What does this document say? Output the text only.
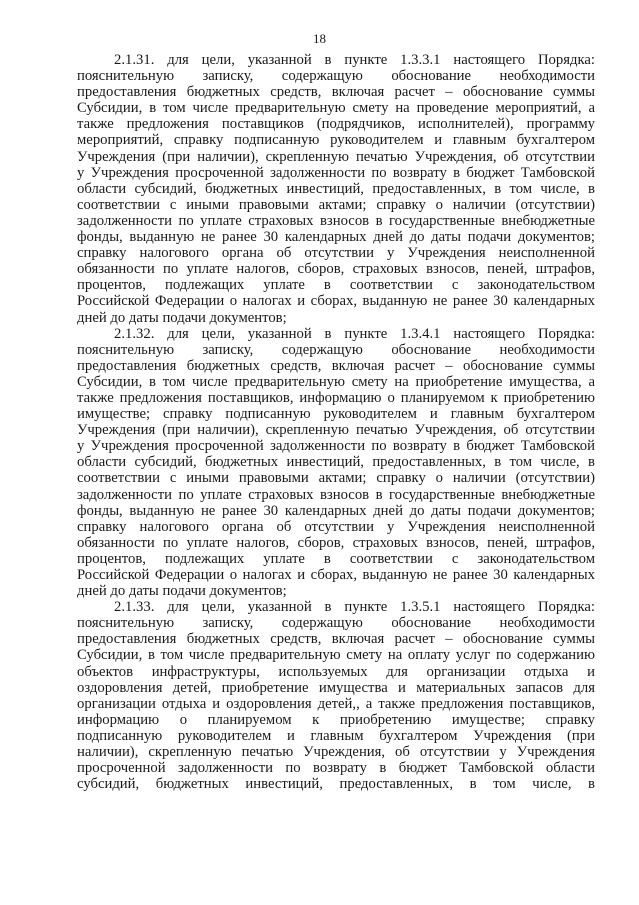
18
2.1.31. для цели, указанной в пункте 1.3.3.1 настоящего Порядка:
пояснительную записку, содержащую обоснование необходимости
предоставления бюджетных средств, включая расчет – обоснование суммы
Субсидии, в том числе предварительную смету на проведение мероприятий, а
также предложения поставщиков (подрядчиков, исполнителей), программу
мероприятий, справку подписанную руководителем и главным бухгалтером
Учреждения (при наличии), скрепленную печатью Учреждения, об отсутствии
у Учреждения просроченной задолженности по возврату в бюджет Тамбовской
области субсидий, бюджетных инвестиций, предоставленных, в том числе, в
соответствии с иными правовыми актами; справку о наличии (отсутствии)
задолженности по уплате страховых взносов в государственные внебюджетные
фонды, выданную не ранее 30 календарных дней до даты подачи документов;
справку налогового органа об отсутствии у Учреждения неисполненной
обязанности по уплате налогов, сборов, страховых взносов, пеней, штрафов,
процентов, подлежащих уплате в соответствии с законодательством
Российской Федерации о налогах и сборах, выданную не ранее 30 календарных
дней до даты подачи документов;
2.1.32. для цели, указанной в пункте 1.3.4.1 настоящего Порядка:
пояснительную записку, содержащую обоснование необходимости
предоставления бюджетных средств, включая расчет – обоснование суммы
Субсидии, в том числе предварительную смету на приобретение имущества, а
также предложения поставщиков, информацию о планируемом к приобретению
имуществе; справку подписанную руководителем и главным бухгалтером
Учреждения (при наличии), скрепленную печатью Учреждения, об отсутствии
у Учреждения просроченной задолженности по возврату в бюджет Тамбовской
области субсидий, бюджетных инвестиций, предоставленных, в том числе, в
соответствии с иными правовыми актами; справку о наличии (отсутствии)
задолженности по уплате страховых взносов в государственные внебюджетные
фонды, выданную не ранее 30 календарных дней до даты подачи документов;
справку налогового органа об отсутствии у Учреждения неисполненной
обязанности по уплате налогов, сборов, страховых взносов, пеней, штрафов,
процентов, подлежащих уплате в соответствии с законодательством
Российской Федерации о налогах и сборах, выданную не ранее 30 календарных
дней до даты подачи документов;
2.1.33. для цели, указанной в пункте 1.3.5.1 настоящего Порядка:
пояснительную записку, содержащую обоснование необходимости
предоставления бюджетных средств, включая расчет – обоснование суммы
Субсидии, в том числе предварительную смету на оплату услуг по содержанию
объектов инфраструктуры, используемых для организации отдыха и
оздоровления детей, приобретение имущества и материальных запасов для
организации отдыха и оздоровления детей,, а также предложения поставщиков,
информацию о планируемом к приобретению имуществе; справку
подписанную руководителем и главным бухгалтером Учреждения (при
наличии), скрепленную печатью Учреждения, об отсутствии у Учреждения
просроченной задолженности по возврату в бюджет Тамбовской области
субсидий, бюджетных инвестиций, предоставленных, в том числе, в
